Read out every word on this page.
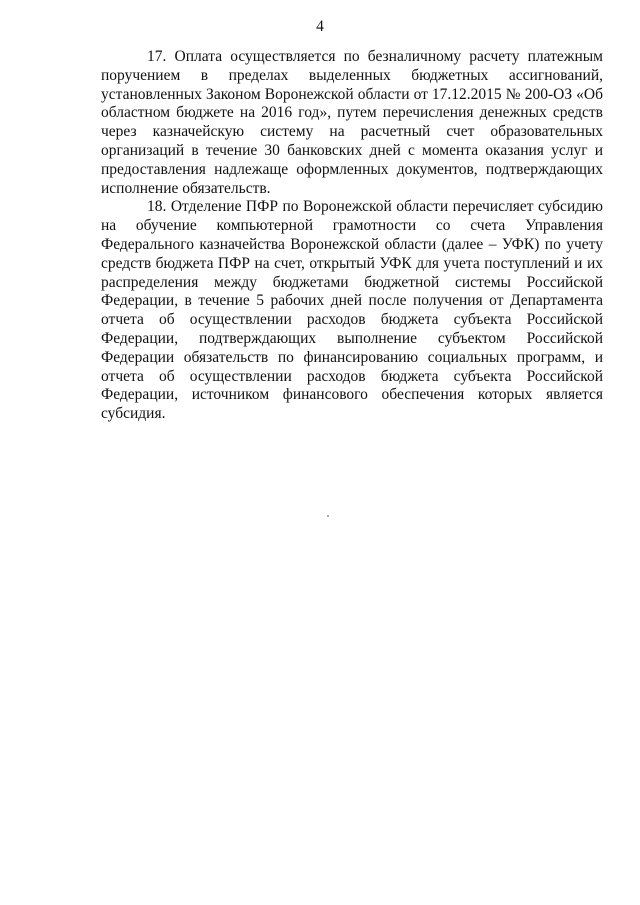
4

17. Оплата осуществляется по безналичному расчету платежным поручением в пределах выделенных бюджетных ассигнований, установленных Законом Воронежской области от 17.12.2015 № 200-ОЗ «Об областном бюджете на 2016 год», путем перечисления денежных средств через казначейскую систему на расчетный счет образовательных организаций в течение 30 банковских дней с момента оказания услуг и предоставления надлежаще оформленных документов, подтверждающих исполнение обязательств.

18. Отделение ПФР по Воронежской области перечисляет субсидию на обучение компьютерной грамотности со счета Управления Федерального казначейства Воронежской области (далее – УФК) по учету средств бюджета ПФР на счет, открытый УФК для учета поступлений и их распределения между бюджетами бюджетной системы Российской Федерации, в течение 5 рабочих дней после получения от Департамента отчета об осуществлении расходов бюджета субъекта Российской Федерации, подтверждающих выполнение субъектом Российской Федерации обязательств по финансированию социальных программ, и отчета об осуществлении расходов бюджета субъекта Российской Федерации, источником финансового обеспечения которых является субсидия.
